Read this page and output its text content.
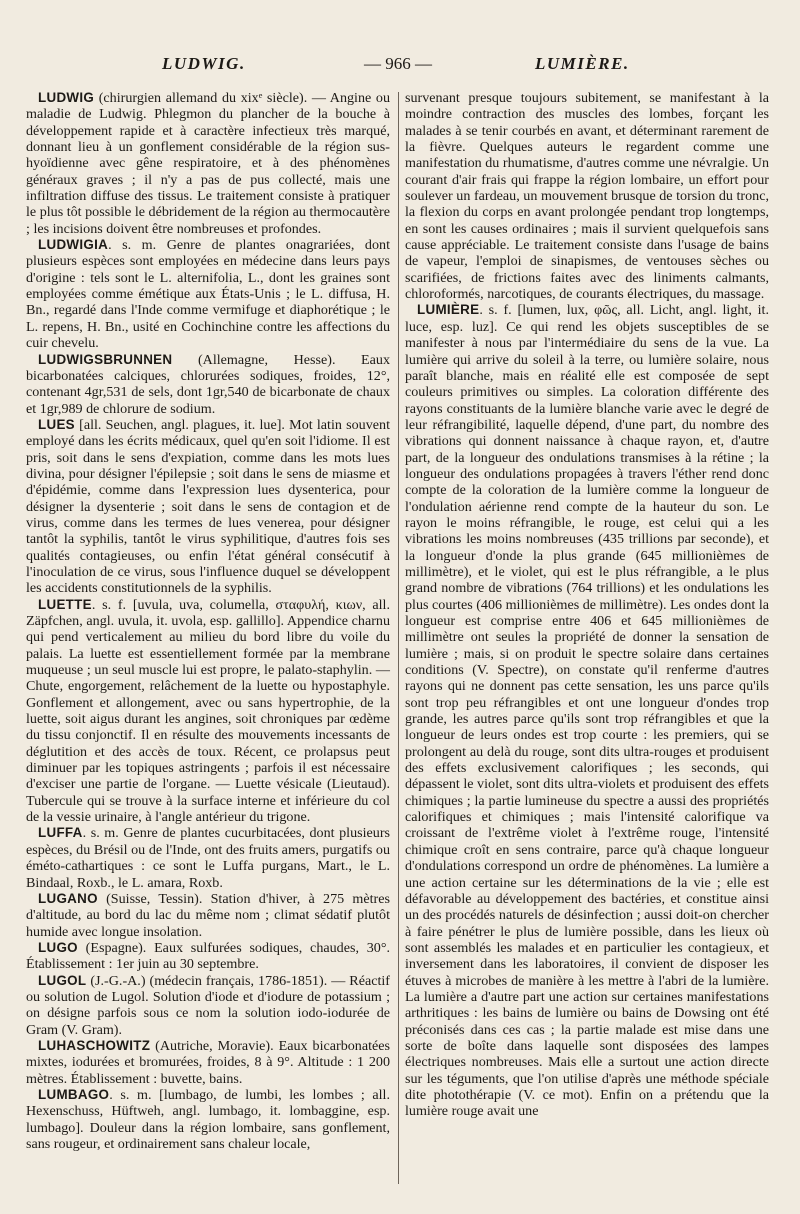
LUDWIG.	— 966 —	LUMIÈRE.

LUDWIG (chirurgien allemand du xixᵉ siècle). — Angine ou maladie de Ludwig. Phlegmon du plancher de la bouche à développement rapide et à caractère infectieux très marqué, donnant lieu à un gonflement considérable de la région sus-hyoïdienne avec gêne respiratoire, et à des phénomènes généraux graves ; il n'y a pas de pus collecté, mais une infiltration diffuse des tissus. Le traitement consiste à pratiquer le plus tôt possible le débridement de la région au thermocautère ; les incisions doivent être nombreuses et profondes.

LUDWIGIA. s. m. Genre de plantes onagrariées, dont plusieurs espèces sont employées en médecine dans leurs pays d'origine : tels sont le L. alternifolia, L., dont les graines sont employées comme émétique aux États-Unis ; le L. diffusa, H. Bn., regardé dans l'Inde comme vermifuge et diaphorétique ; le L. repens, H. Bn., usité en Cochinchine contre les affections du cuir chevelu.

LUDWIGSBRUNNEN (Allemagne, Hesse). Eaux bicarbonatées calciques, chlorurées sodiques, froides, 12°, contenant 4gr,531 de sels, dont 1gr,540 de bicarbonate de chaux et 1gr,989 de chlorure de sodium.

LUES [all. Seuchen, angl. plagues, it. lue]. Mot latin souvent employé dans les écrits médicaux, quel qu'en soit l'idiome. Il est pris, soit dans le sens d'expiation, comme dans les mots lues divina, pour désigner l'épilepsie ; soit dans le sens de miasme et d'épidémie, comme dans l'expression lues dysenterica, pour désigner la dysenterie ; soit dans le sens de contagion et de virus, comme dans les termes de lues venerea, pour désigner tantôt la syphilis, tantôt le virus syphilitique, d'autres fois ses qualités contagieuses, ou enfin l'état général consécutif à l'inoculation de ce virus, sous l'influence duquel se développent les accidents constitutionnels de la syphilis.

LUETTE. s. f. [uvula, uva, columella, σταφυλή, κιων, all. Zäpfchen, angl. uvula, it. uvola, esp. gallillo]. Appendice charnu qui pend verticalement au milieu du bord libre du voile du palais. La luette est essentiellement formée par la membrane muqueuse ; un seul muscle lui est propre, le palato-staphylin. — Chute, engorgement, relâchement de la luette ou hypostaphyle. Gonflement et allongement, avec ou sans hypertrophie, de la luette, soit aigus durant les angines, soit chroniques par œdème du tissu conjonctif. Il en résulte des mouvements incessants de déglutition et des accès de toux. Récent, ce prolapsus peut diminuer par les topiques astringents ; parfois il est nécessaire d'exciser une partie de l'organe. — Luette vésicale (Lieutaud). Tubercule qui se trouve à la surface interne et inférieure du col de la vessie urinaire, à l'angle antérieur du trigone.

LUFFA. s. m. Genre de plantes cucurbitacées, dont plusieurs espèces, du Brésil ou de l'Inde, ont des fruits amers, purgatifs ou éméto-cathartiques : ce sont le Luffa purgans, Mart., le L. Bindaal, Roxb., le L. amara, Roxb.

LUGANO (Suisse, Tessin). Station d'hiver, à 275 mètres d'altitude, au bord du lac du même nom ; climat sédatif plutôt humide avec longue insolation.

LUGO (Espagne). Eaux sulfurées sodiques, chaudes, 30°. Établissement : 1er juin au 30 septembre.

LUGOL (J.-G.-A.) (médecin français, 1786-1851). — Réactif ou solution de Lugol. Solution d'iode et d'iodure de potassium ; on désigne parfois sous ce nom la solution iodo-iodurée de Gram (V. Gram).

LUHASCHOWITZ (Autriche, Moravie). Eaux bicarbonatées mixtes, iodurées et bromurées, froides, 8 à 9°. Altitude : 1 200 mètres. Établissement : buvette, bains.

LUMBAGO. s. m. [lumbago, de lumbi, les lombes ; all. Hexenschuss, Hüftweh, angl. lumbago, it. lombaggine, esp. lumbago]. Douleur dans la région lombaire, sans gonflement, sans rougeur, et ordinairement sans chaleur locale,

survenant presque toujours subitement, se manifestant à la moindre contraction des muscles des lombes, forçant les malades à se tenir courbés en avant, et déterminant rarement de la fièvre. Quelques auteurs le regardent comme une manifestation du rhumatisme, d'autres comme une névralgie. Un courant d'air frais qui frappe la région lombaire, un effort pour soulever un fardeau, un mouvement brusque de torsion du tronc, la flexion du corps en avant prolongée pendant trop longtemps, en sont les causes ordinaires ; mais il survient quelquefois sans cause appréciable. Le traitement consiste dans l'usage de bains de vapeur, l'emploi de sinapismes, de ventouses sèches ou scarifiées, de frictions faites avec des liniments calmants, chloroformés, narcotiques, de courants électriques, du massage.

LUMIÈRE. s. f. [lumen, lux, φῶς, all. Licht, angl. light, it. luce, esp. luz]. Ce qui rend les objets susceptibles de se manifester à nous par l'intermédiaire du sens de la vue. La lumière qui arrive du soleil à la terre, ou lumière solaire, nous paraît blanche, mais en réalité elle est composée de sept couleurs primitives ou simples. La coloration différente des rayons constituants de la lumière blanche varie avec le degré de leur réfrangibilité, laquelle dépend, d'une part, du nombre des vibrations qui donnent naissance à chaque rayon, et, d'autre part, de la longueur des ondulations transmises à la rétine ; la longueur des ondulations propagées à travers l'éther rend donc compte de la coloration de la lumière comme la longueur de l'ondulation aérienne rend compte de la hauteur du son. Le rayon le moins réfrangible, le rouge, est celui qui a les vibrations les moins nombreuses (435 trillions par seconde), et la longueur d'onde la plus grande (645 millionièmes de millimètre), et le violet, qui est le plus réfrangible, a le plus grand nombre de vibrations (764 trillions) et les ondulations les plus courtes (406 millionièmes de millimètre). Les ondes dont la longueur est comprise entre 406 et 645 millionièmes de millimètre ont seules la propriété de donner la sensation de lumière ; mais, si on produit le spectre solaire dans certaines conditions (V. Spectre), on constate qu'il renferme d'autres rayons qui ne donnent pas cette sensation, les uns parce qu'ils sont trop peu réfrangibles et ont une longueur d'ondes trop grande, les autres parce qu'ils sont trop réfrangibles et que la longueur de leurs ondes est trop courte : les premiers, qui se prolongent au delà du rouge, sont dits ultra-rouges et produisent des effets exclusivement calorifiques ; les seconds, qui dépassent le violet, sont dits ultra-violets et produisent des effets chimiques ; la partie lumineuse du spectre a aussi des propriétés calorifiques et chimiques ; mais l'intensité calorifique va croissant de l'extrême violet à l'extrême rouge, l'intensité chimique croît en sens contraire, parce qu'à chaque longueur d'ondulations correspond un ordre de phénomènes. La lumière a une action certaine sur les déterminations de la vie ; elle est défavorable au développement des bactéries, et constitue ainsi un des procédés naturels de désinfection ; aussi doit-on chercher à faire pénétrer le plus de lumière possible, dans les lieux où sont assemblés les malades et en particulier les contagieux, et inversement dans les laboratoires, il convient de disposer les étuves à microbes de manière à les mettre à l'abri de la lumière. La lumière a d'autre part une action sur certaines manifestations arthritiques : les bains de lumière ou bains de Dowsing ont été préconisés dans ces cas ; la partie malade est mise dans une sorte de boîte dans laquelle sont disposées des lampes électriques nombreuses. Mais elle a surtout une action directe sur les téguments, que l'on utilise d'après une méthode spéciale dite photothérapie (V. ce mot). Enfin on a prétendu que la lumière rouge avait une
